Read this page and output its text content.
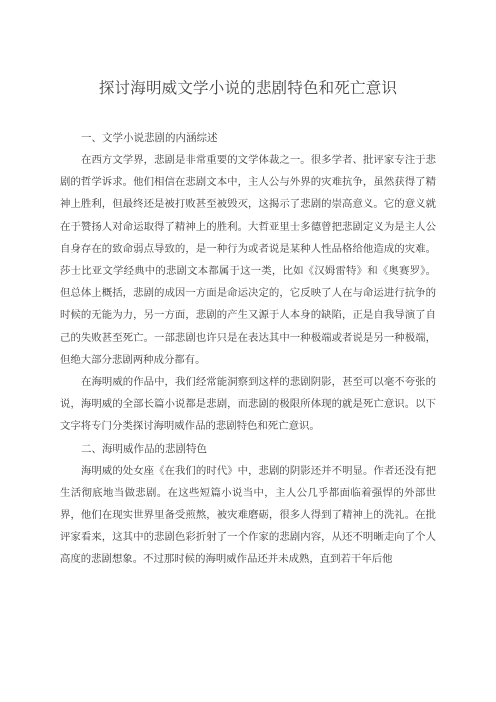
探讨海明威文学小说的悲剧特色和死亡意识
一、文学小说悲剧的内涵综述

在西方文学界，悲剧是非常重要的文学体裁之一。很多学者、批评家专注于悲剧的哲学诉求。他们相信在悲剧文本中，主人公与外界的灾难抗争，虽然获得了精神上胜利，但最终还是被打败甚至被毁灭，这揭示了悲剧的崇高意义。它的意义就在于赞扬人对命运取得了精神上的胜利。大哲亚里士多德曾把悲剧定义为是主人公自身存在的致命弱点导致的，是一种行为或者说是某种人性品格给他造成的灾难。莎士比亚文学经典中的悲剧文本都属于这一类，比如《汉姆雷特》和《奥赛罗》。但总体上概括，悲剧的成因一方面是命运决定的，它反映了人在与命运进行抗争的时候的无能为力，另一方面，悲剧的产生又源于人本身的缺陷，正是自我导演了自己的失败甚至死亡。一部悲剧也许只是在表达其中一种极端或者说是另一种极端，但绝大部分悲剧两种成分都有。

在海明威的作品中，我们经常能洞察到这样的悲剧阴影，甚至可以毫不夸张的说，海明威的全部长篇小说都是悲剧，而悲剧的极限所体现的就是死亡意识。以下文字将专门分类探讨海明威作品的悲剧特色和死亡意识。

二、海明威作品的悲剧特色

海明威的处女座《在我们的时代》中，悲剧的阴影还并不明显。作者还没有把生活彻底地当做悲剧。在这些短篇小说当中，主人公几乎都面临着强悍的外部世界，他们在现实世界里备受煎熬，被灾难磨砺，很多人得到了精神上的洗礼。在批评家看来，这其中的悲剧色彩折射了一个作家的悲剧内容，从还不明晰走向了个人高度的悲剧想象。不过那时候的海明威作品还并未成熟，直到若干年后他
